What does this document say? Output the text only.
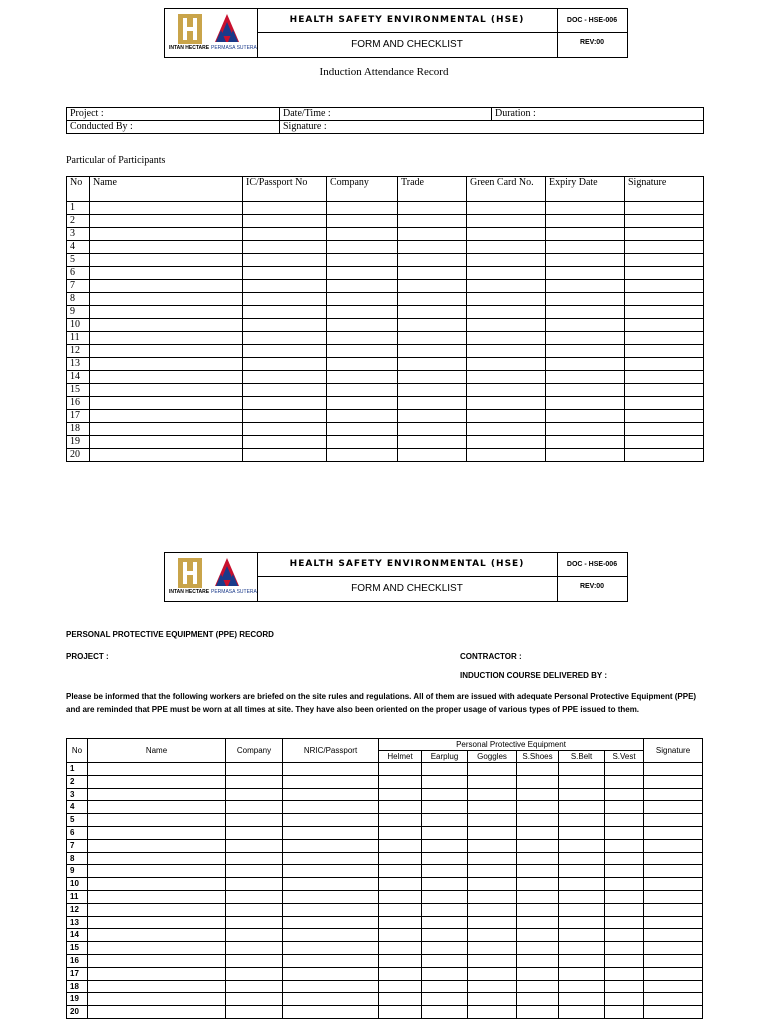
INTAN HECTARE PERMASA SUTERA
HEALTH SAFETY ENVIRONMENTAL (HSE)
FORM AND CHECKLIST
DOC - HSE-006
REV:00
Induction Attendance Record
Project :	Date/Time :	Duration :
Conducted By :	Signature :	
Particular of Participants
No	Name	IC/Passport No	Company	Trade	Green Card No.	Expiry Date	Signature
1							
2							
3							
4							
5							
6							
7							
8							
9							
10							
11							
12							
13							
14							
15							
16							
17							
18							
19							
20							
INTAN HECTARE PERMASA SUTERA
HEALTH SAFETY ENVIRONMENTAL (HSE)
FORM AND CHECKLIST
DOC - HSE-006
REV:00
PERSONAL PROTECTIVE EQUIPMENT (PPE) RECORD
PROJECT :	CONTRACTOR :
INDUCTION COURSE DELIVERED BY :
Please be informed that the following workers are briefed on the site rules and regulations. All of them are issued with adequate Personal Protective Equipment (PPE) and are reminded that PPE must be worn at all times at site. They have also been oriented on the proper usage of various types of PPE issued to them.
No	Name	Company	NRIC/Passport	Personal Protective Equipment						Signature
				Helmet	Earplug	Goggles	S.Shoes	S.Belt	S.Vest	
1										
2										
3										
4										
5										
6										
7										
8										
9										
10										
11										
12										
13										
14										
15										
16										
17										
18										
19										
20										
